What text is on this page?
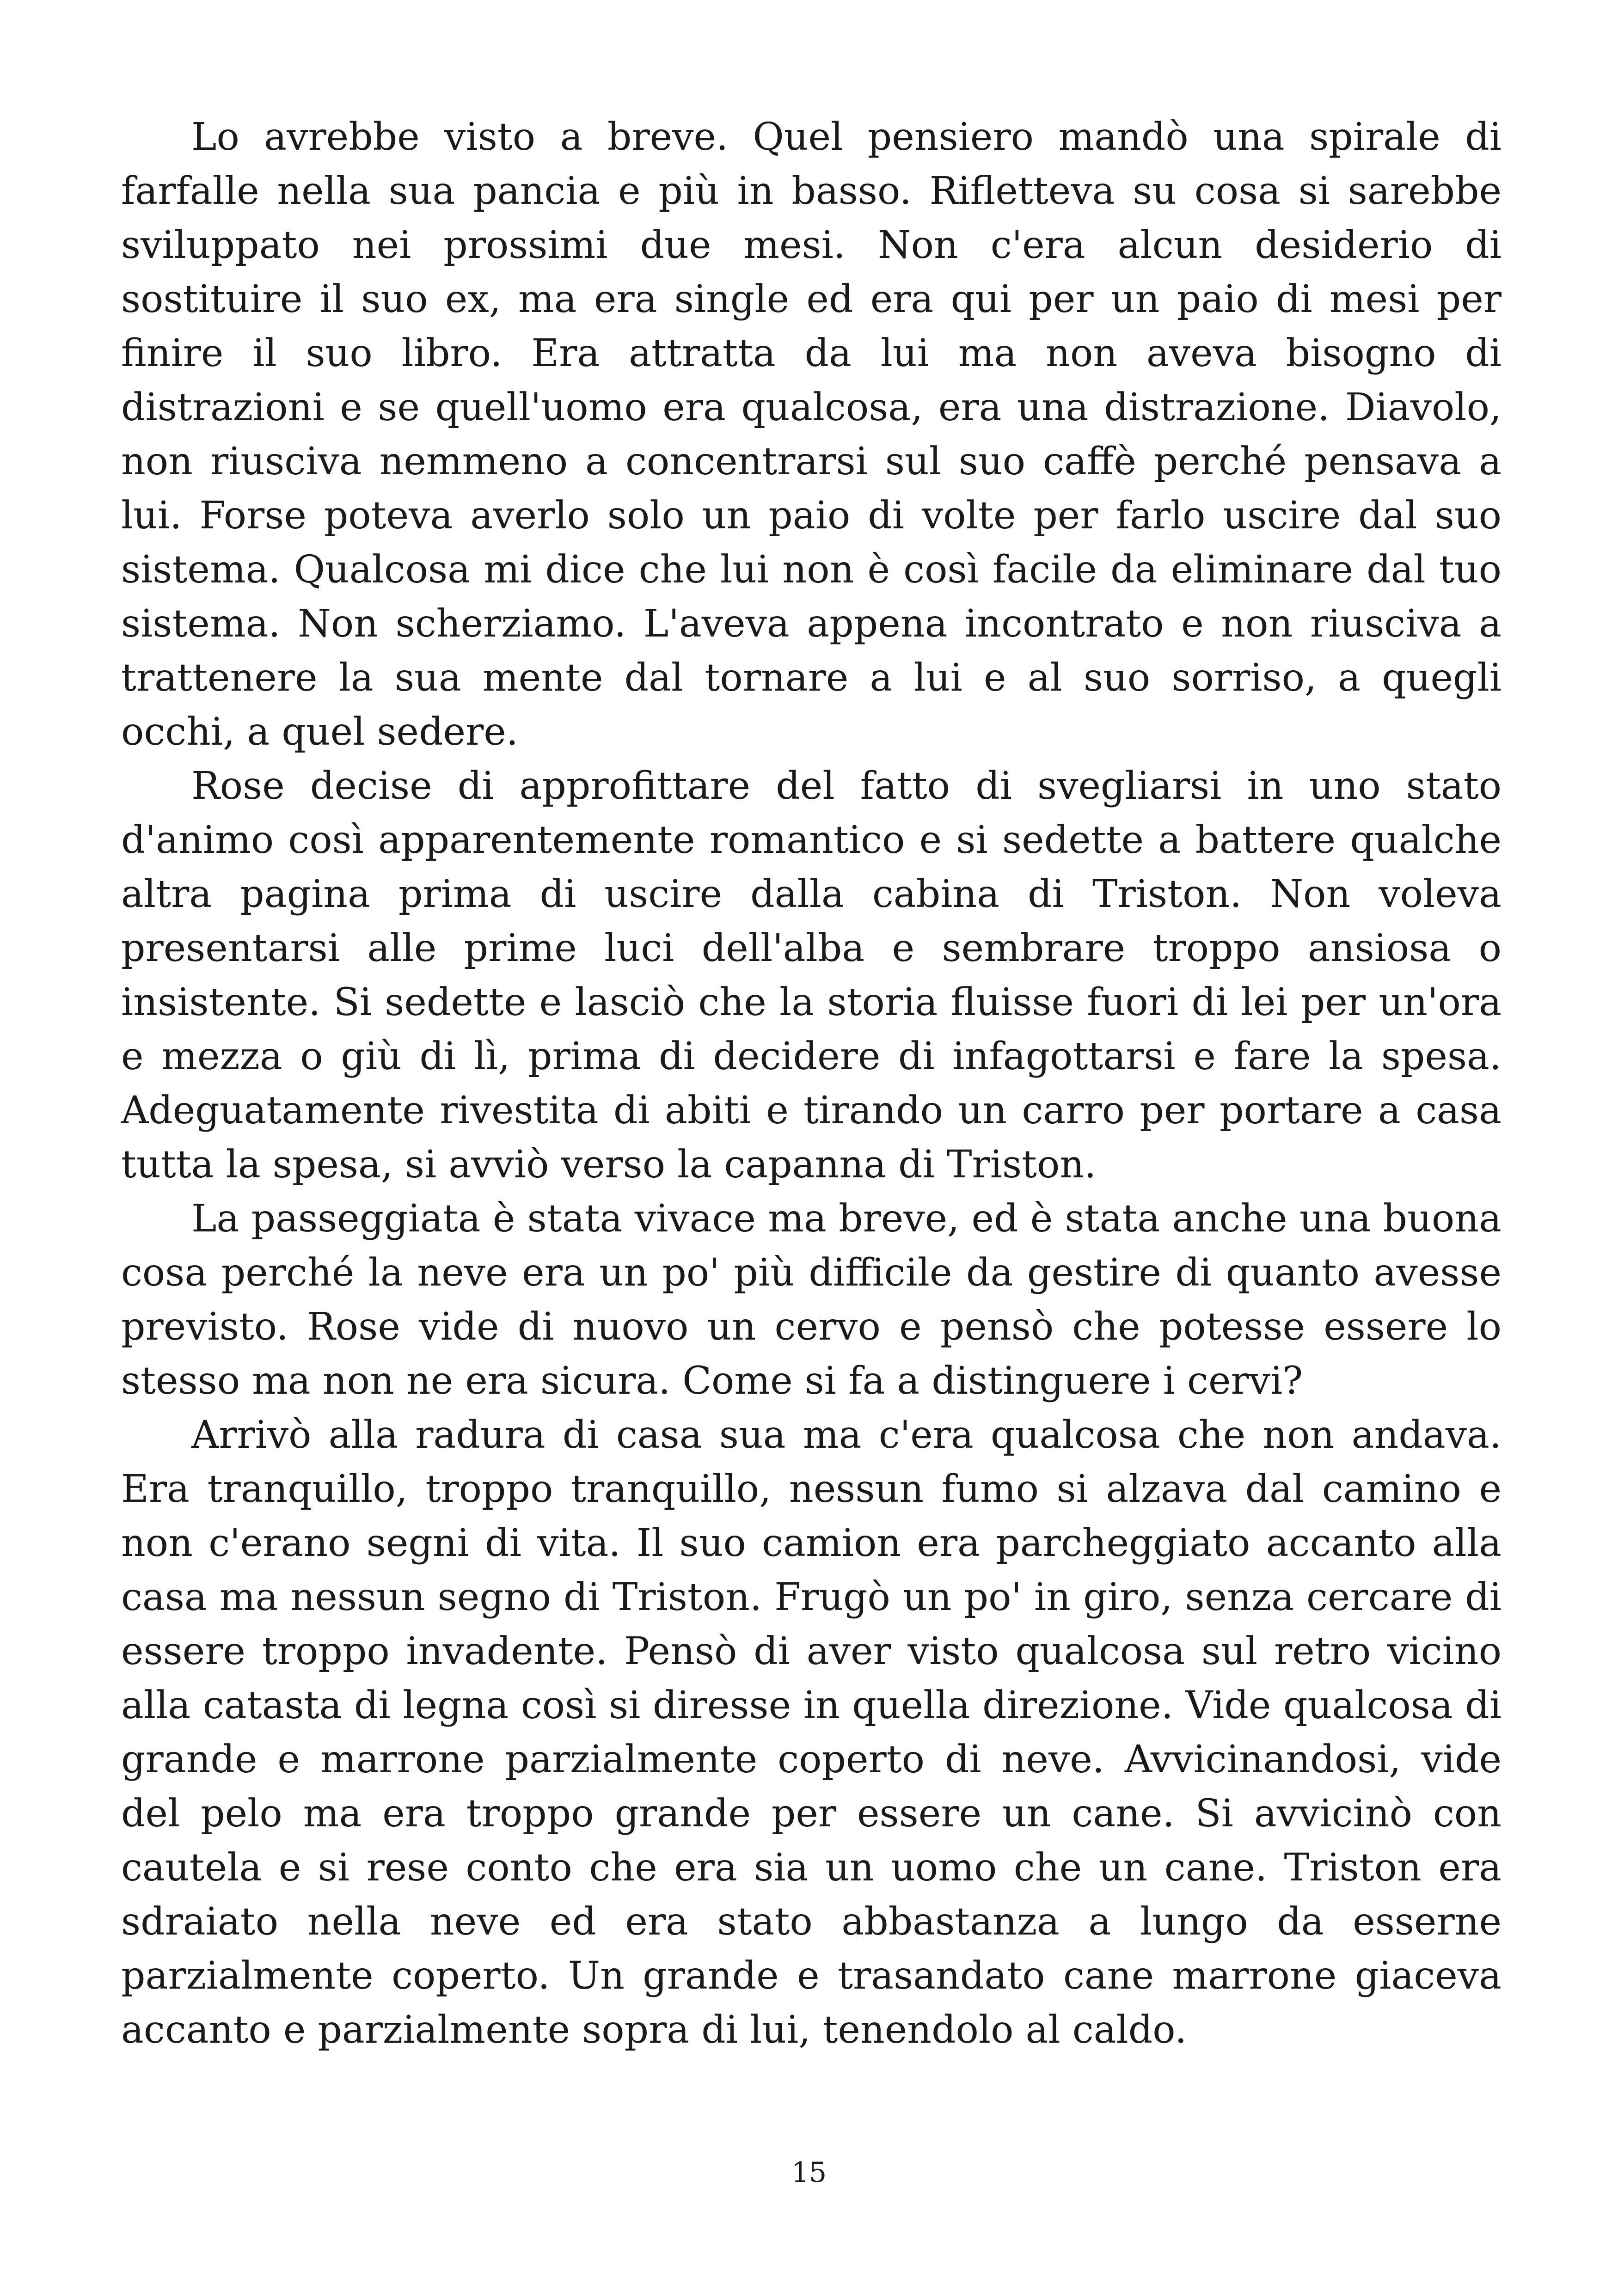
Lo avrebbe visto a breve. Quel pensiero mandò una spirale di farfalle nella sua pancia e più in basso. Rifletteva su cosa si sarebbe sviluppato nei prossimi due mesi. Non c'era alcun desiderio di sostituire il suo ex, ma era single ed era qui per un paio di mesi per finire il suo libro. Era attratta da lui ma non aveva bisogno di distrazioni e se quell'uomo era qualcosa, era una distrazione. Diavolo, non riusciva nemmeno a concentrarsi sul suo caffè perché pensava a lui. Forse poteva averlo solo un paio di volte per farlo uscire dal suo sistema. Qualcosa mi dice che lui non è così facile da eliminare dal tuo sistema. Non scherziamo. L'aveva appena incontrato e non riusciva a trattenere la sua mente dal tornare a lui e al suo sorriso, a quegli occhi, a quel sedere.

Rose decise di approfittare del fatto di svegliarsi in uno stato d'animo così apparentemente romantico e si sedette a battere qualche altra pagina prima di uscire dalla cabina di Triston. Non voleva presentarsi alle prime luci dell'alba e sembrare troppo ansiosa o insistente. Si sedette e lasciò che la storia fluisse fuori di lei per un'ora e mezza o giù di lì, prima di decidere di infagottarsi e fare la spesa. Adeguatamente rivestita di abiti e tirando un carro per portare a casa tutta la spesa, si avviò verso la capanna di Triston.

La passeggiata è stata vivace ma breve, ed è stata anche una buona cosa perché la neve era un po' più difficile da gestire di quanto avesse previsto. Rose vide di nuovo un cervo e pensò che potesse essere lo stesso ma non ne era sicura. Come si fa a distinguere i cervi?

Arrivò alla radura di casa sua ma c'era qualcosa che non andava. Era tranquillo, troppo tranquillo, nessun fumo si alzava dal camino e non c'erano segni di vita. Il suo camion era parcheggiato accanto alla casa ma nessun segno di Triston. Frugò un po' in giro, senza cercare di essere troppo invadente. Pensò di aver visto qualcosa sul retro vicino alla catasta di legna così si diresse in quella direzione. Vide qualcosa di grande e marrone parzialmente coperto di neve. Avvicinandosi, vide del pelo ma era troppo grande per essere un cane. Si avvicinò con cautela e si rese conto che era sia un uomo che un cane. Triston era sdraiato nella neve ed era stato abbastanza a lungo da esserne parzialmente coperto. Un grande e trasandato cane marrone giaceva accanto e parzialmente sopra di lui, tenendolo al caldo.

15
